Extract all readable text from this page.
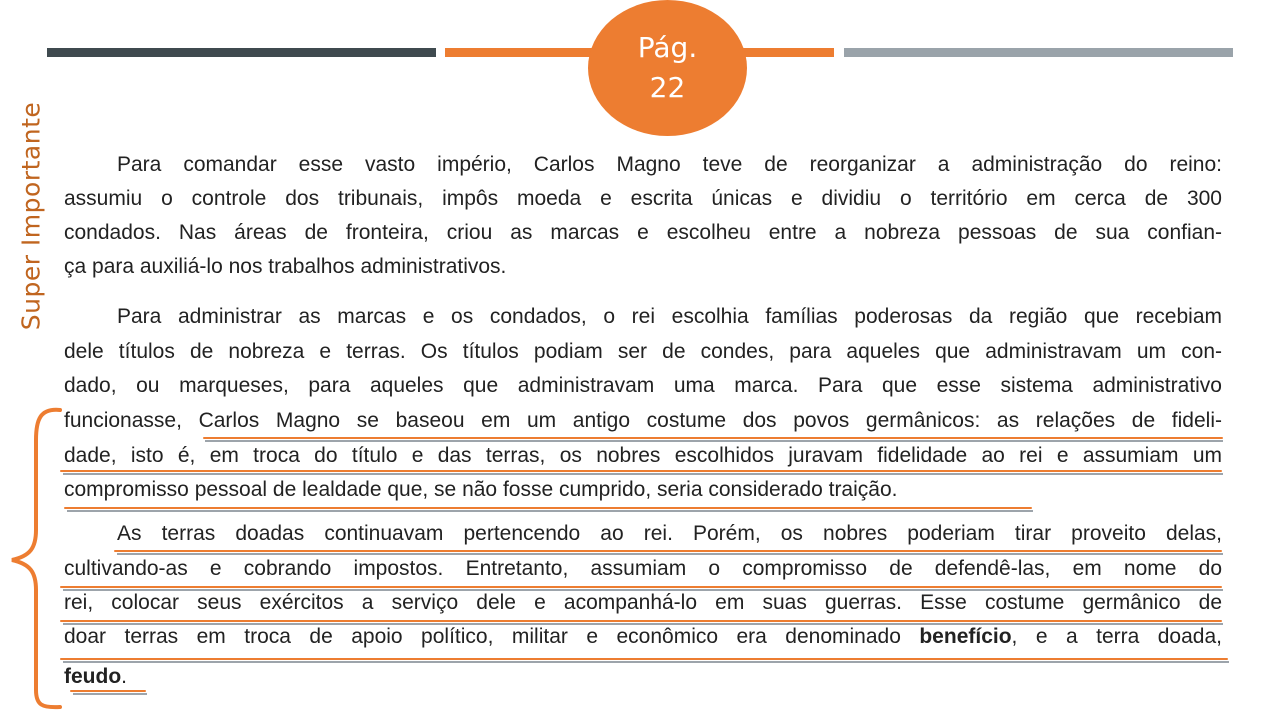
Pág.
22
Super Importante	Para comandar esse vasto império, Carlos Magno teve de reorganizar a administração do reino:
assumiu o controle dos tribunais, impôs moeda e escrita únicas e dividiu o território em cerca de 300
condados. Nas áreas de fronteira, criou as marcas e escolheu entre a nobreza pessoas de sua confian-
ça para auxiliá-lo nos trabalhos administrativos.
Para administrar as marcas e os condados, o rei escolhia famílias poderosas da região que recebiam
dele títulos de nobreza e terras. Os títulos podiam ser de condes, para aqueles que administravam um con-
dado, ou marqueses, para aqueles que administravam uma marca. Para que esse sistema administrativo
funcionasse, Carlos Magno se baseou em um antigo costume dos povos germânicos: as relações de fideli-
dade, isto é, em troca do título e das terras, os nobres escolhidos juravam fidelidade ao rei e assumiam um
compromisso pessoal de lealdade que, se não fosse cumprido, seria considerado traição.
As terras doadas continuavam pertencendo ao rei. Porém, os nobres poderiam tirar proveito delas,
cultivando-as e cobrando impostos. Entretanto, assumiam o compromisso de defendê-las, em nome do
rei, colocar seus exércitos a serviço dele e acompanhá-lo em suas guerras. Esse costume germânico de
doar terras em troca de apoio político, militar e econômico era denominado benefício, e a terra doada,
feudo.
